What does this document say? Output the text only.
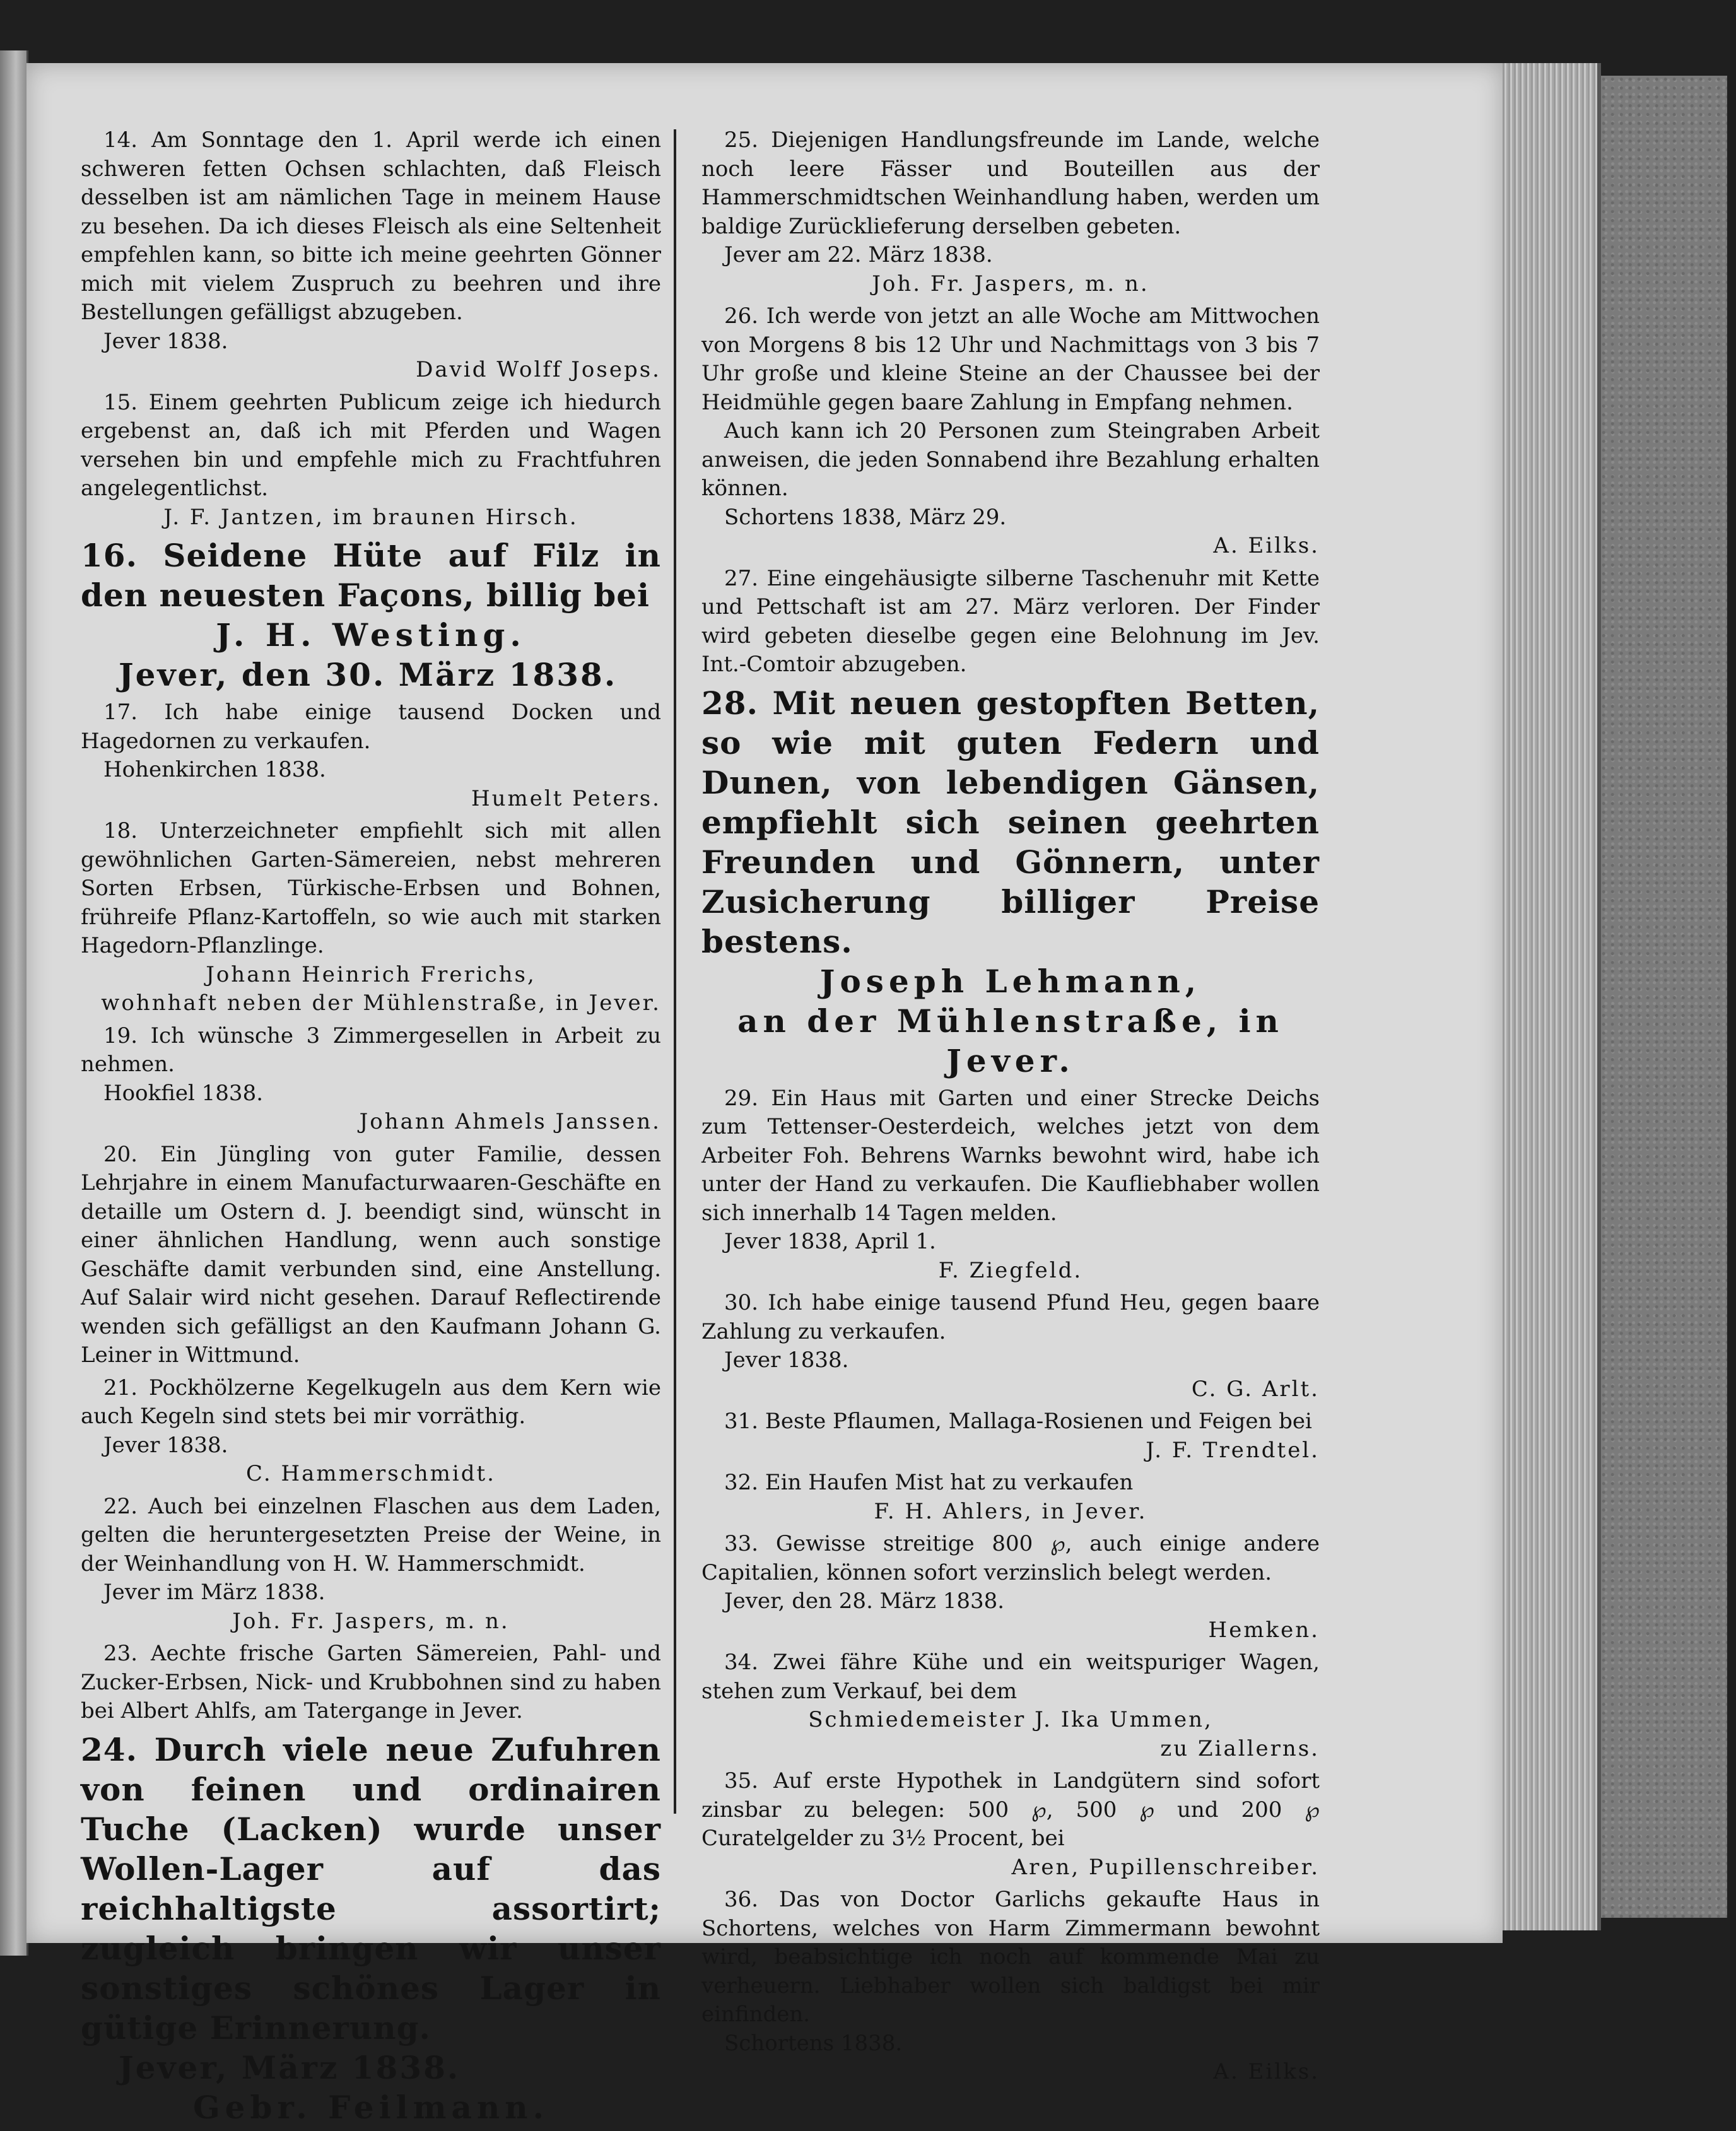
14. Am Sonntage den 1. April werde ich einen schweren fetten Ochsen schlachten, daß Fleisch desselben ist am nämlichen Tage in meinem Hause zu besehen. Da ich dieses Fleisch als eine Seltenheit empfehlen kann, so bitte ich meine geehrten Gönner mich mit vielem Zuspruch zu beehren und ihre Bestellungen gefälligst abzugeben.

Jever 1838.

David Wolff Joseps.

15. Einem geehrten Publicum zeige ich hiedurch ergebenst an, daß ich mit Pferden und Wagen versehen bin und empfehle mich zu Frachtfuhren angelegentlichst.

J. F. Jantzen, im braunen Hirsch.

16. Seidene Hüte auf Filz in den neuesten Façons, billig bei

J. H. Westing.

Jever, den 30. März 1838.

17. Ich habe einige tausend Docken und Hagedornen zu verkaufen.

Hohenkirchen 1838.

Humelt Peters.

18. Unterzeichneter empfiehlt sich mit allen gewöhnlichen Garten-Sämereien, nebst mehreren Sorten Erbsen, Türkische-Erbsen und Bohnen, frühreife Pflanz-Kartoffeln, so wie auch mit starken Hagedorn-Pflanzlinge.

Johann Heinrich Frerichs,

wohnhaft neben der Mühlenstraße, in Jever.

19. Ich wünsche 3 Zimmergesellen in Arbeit zu nehmen.

Hookfiel 1838.

Johann Ahmels Janssen.

20. Ein Jüngling von guter Familie, dessen Lehrjahre in einem Manufacturwaaren-Geschäfte en detaille um Ostern d. J. beendigt sind, wünscht in einer ähnlichen Handlung, wenn auch sonstige Geschäfte damit verbunden sind, eine Anstellung. Auf Salair wird nicht gesehen. Darauf Reflectirende wenden sich gefälligst an den Kaufmann Johann G. Leiner in Wittmund.

21. Pockhölzerne Kegelkugeln aus dem Kern wie auch Kegeln sind stets bei mir vorräthig.

Jever 1838.

C. Hammerschmidt.

22. Auch bei einzelnen Flaschen aus dem Laden, gelten die heruntergesetzten Preise der Weine, in der Weinhandlung von H. W. Hammerschmidt.

Jever im März 1838.

Joh. Fr. Jaspers, m. n.

23. Aechte frische Garten Sämereien, Pahl- und Zucker-Erbsen, Nick- und Krubbohnen sind zu haben bei Albert Ahlfs, am Tatergange in Jever.

24. Durch viele neue Zufuhren von feinen und ordinairen Tuche (Lacken) wurde unser Wollen-Lager auf das reichhaltigste assortirt; zugleich bringen wir unser sonstiges schönes Lager in gütige Erinnerung.

Jever, März 1838.

Gebr. Feilmann.

25. Diejenigen Handlungsfreunde im Lande, welche noch leere Fässer und Bouteillen aus der Hammerschmidtschen Weinhandlung haben, werden um baldige Zurücklieferung derselben gebeten.

Jever am 22. März 1838.

Joh. Fr. Jaspers, m. n.

26. Ich werde von jetzt an alle Woche am Mittwochen von Morgens 8 bis 12 Uhr und Nachmittags von 3 bis 7 Uhr große und kleine Steine an der Chaussee bei der Heidmühle gegen baare Zahlung in Empfang nehmen.

Auch kann ich 20 Personen zum Steingraben Arbeit anweisen, die jeden Sonnabend ihre Bezahlung erhalten können.

Schortens 1838, März 29.

A. Eilks.

27. Eine eingehäusigte silberne Taschenuhr mit Kette und Pettschaft ist am 27. März verloren. Der Finder wird gebeten dieselbe gegen eine Belohnung im Jev. Int.-Comtoir abzugeben.

28. Mit neuen gestopften Betten, so wie mit guten Federn und Dunen, von lebendigen Gänsen, empfiehlt sich seinen geehrten Freunden und Gönnern, unter Zusicherung billiger Preise bestens.

Joseph Lehmann,

an der Mühlenstraße, in Jever.

29. Ein Haus mit Garten und einer Strecke Deichs zum Tettenser-Oesterdeich, welches jetzt von dem Arbeiter Foh. Behrens Warnks bewohnt wird, habe ich unter der Hand zu verkaufen. Die Kaufliebhaber wollen sich innerhalb 14 Tagen melden.

Jever 1838, April 1.

F. Ziegfeld.

30. Ich habe einige tausend Pfund Heu, gegen baare Zahlung zu verkaufen.

Jever 1838.

C. G. Arlt.

31. Beste Pflaumen, Mallaga-Rosienen und Feigen bei

J. F. Trendtel.

32. Ein Haufen Mist hat zu verkaufen

F. H. Ahlers, in Jever.

33. Gewisse streitige 800 ℘, auch einige andere Capitalien, können sofort verzinslich belegt werden.

Jever, den 28. März 1838.

Hemken.

34. Zwei fähre Kühe und ein weitspuriger Wagen, stehen zum Verkauf, bei dem

Schmiedemeister J. Ika Ummen,

zu Ziallerns.

35. Auf erste Hypothek in Landgütern sind sofort zinsbar zu belegen: 500 ℘, 500 ℘ und 200 ℘ Curatelgelder zu 3½ Procent, bei

Aren, Pupillenschreiber.

36. Das von Doctor Garlichs gekaufte Haus in Schortens, welches von Harm Zimmermann bewohnt wird, beabsichtige ich noch auf kommende Mai zu verheuern. Liebhaber wollen sich baldigst bei mir einfinden.

Schortens 1838.

A. Eilks.
